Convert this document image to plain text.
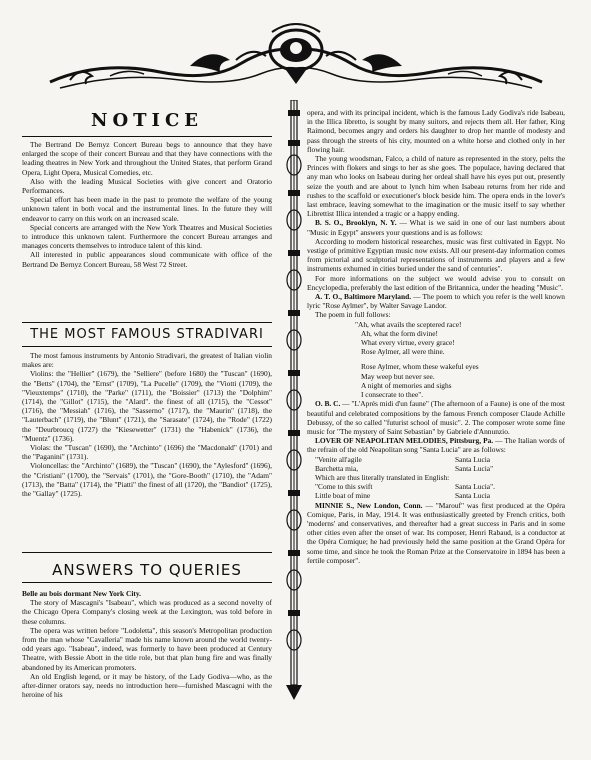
NOTICE

The Bertrand De Bernyz Concert Bureau begs to announce that they have enlarged the scope of their concert Bureau and that they have connections with the leading theatres in New York and throughout the United States, that perform Grand Opera, Light Opera, Musical Comedies, etc.

Also with the leading Musical Societies with give concert and Oratorio Performances.

Special effort has been made in the past to promote the welfare of the young unknown talent in both vocal and the instrumental lines. In the future they will endeavor to carry on this work on an increased scale.

Special concerts are arranged with the New York Theatres and Musical Societies to introduce this unknown talent. Furthermore the concert Bureau arranges and manages concerts themselves to introduce talent of this kind.

All interested in public appearances sloud communicate with office of the Bertrand De Bernyz Concert Bureau, 58 West 72 Street.

THE MOST FAMOUS STRADIVARI

The most famous instruments by Antonio Stradivari, the greatest of Italian violin makes are:

Violins: the "Hellier" (1679), the "Selliere" (before 1680) the "Tuscan" (1690), the "Betts" (1704), the "Ernst" (1709), "La Pucelle" (1709), the "Viotti (1709), the "Vieuxtemps" (1710), the "Parke" (1711), the "Boissier" (1713) the "Dolphim" (1714), the "Gillot" (1715), the "Alard". the finest of all (1715), the "Cessot" (1716), the "Messiah" (1716), the "Sasserno" (1717), the "Maurin" (1718), the "Lauterbach" (1719), the "Blunt" (1721), the "Sarasate" (1724), the "Rode" (1722) the "Deurbroucq (1727) the "Kiesewetter" (1731) the "Habenick" (1736), the "Muentz" (1736).

Violas: the "Tuscan" (1690), the "Archinto" (1696) the "Macdonald" (1701) and the "Paganini" (1731).

Violoncellas: the "Archinto" (1689), the "Tuscan" (1690), the "Aylesford" (1696), the "Cristiani" (1700), the "Servais" (1701), the "Gore-Booth" (1710), the "Adam" (1713), the "Batta" (1714), the "Piatti" the finest of all (1720), the "Bandiot" (1725), the "Gallay" (1725).

ANSWERS TO QUERIES

Belle au bois dormant New York City.

The story of Mascagni's "Isabeau", which was produced as a second novelty of the Chicago Opera Company's closing week at the Lexington, was told before in these columns.

The opera was written before "Lodoletta", this season's Metropolitan production from the man whose "Cavalleria" made his name known around the world twenty-odd years ago. "Isabeau", indeed, was formerly to have been produced at Century Theatre, with Bessie Abott in the title role, but that plan hung fire and was finally abandoned by its American promoters.

An old English legend, or it may be history, of the Lady Godiva—who, as the after-dinner orators say, needs no introduction here—furnished Mascagni with the heroine of his

opera, and with its principal incident, which is the famous Lady Godiva's ride Isabeau, in the Illica libretto, is sought by many suitors, and rejects them all. Her father, King Raimond, becomes angry and orders his daughter to drop her mantle of modesty and pass through the streets of his city, mounted on a white horse and clothed only in her flowing hair.

The young woodsman, Falco, a child of nature as represented in the story, pelts the Princes with flokers and sings to her as she goes. The populace, having declared that any man who looks on Isabeau during her ordeal shall have his eyes put out, presently seize the youth and are about to lynch him when Isabeau returns from her ride and rushes to the scaffold or executioner's block beside him. The opera ends in the lover's last embrace, leaving somewhat to the imagination or the music itself to say whether Librettist Illica intended a tragic or a happy ending.

B. S. O., Brooklyn, N. Y. — What is we said in one of our last numbers about "Music in Egypt" answers your questions and is as follows:

According to modern historical researches, music was first cultivated in Egypt. No vestige of primitive Egyptian music now exists. All our present-day information comes from pictorial and sculptorial representations of instruments and players and a few instruments exhumed in cities buried under the sand of centuries".

For more informations on the subject we would advise you to consult on Encyclopedia, preferably the last edition of the Britannica, under the heading "Music".

A. T. O., Baltimore Maryland. — The poem to which you refer is the well known lyric "Rose Aylmer", by Walter Savage Landor.

The poem in full follows:

"Ah, what avails the sceptered race!

Ah, what the form divine!

What every virtue, every grace!

Rose Aylmer, all were thine.

Rose Aylmer, whom these wakeful eyes

May weep but never see.

A night of memories and sighs

I consecrate to thee".

O. B. C. — "L'Aprés midi d'un faune" (The afternoon of a Faune) is one of the most beautiful and celebrated compositions by the famous French composer Claude Achille Debussy, of the so called "futurist school of music". 2. The composer wrote some fine music for "The mystery of Saint Sebastian" by Gabriele d'Annunzio.

LOVER OF NEAPOLITAN MELODIES, Pittsburg, Pa. — The Italian words of the refrain of the old Neapolitan song "Santa Lucia" are as follows:

"Venite all'agile	Santa Lucia

Barchetta mia,	Santa Lucia"

Which are thus literally translated in English:

"Come to this swift	Santa Lucia".

Little boat of mine	Santa Lucia

MINNIE S., New London, Conn. — "Marouf" was first produced at the Opéra Comique, Paris, in May, 1914. It was enthusiastically greeted by French critics, both 'moderns' and conservatives, and thereafter had a great success in Paris and in some other cities even after the onset of war. Its composer, Henri Rabaud, is a conductor at the Opéra Comique; he had previously held the same position at the Grand Opéra for some time, and since he took the Roman Prize at the Conservatoire in 1894 has been a fertile composer".
